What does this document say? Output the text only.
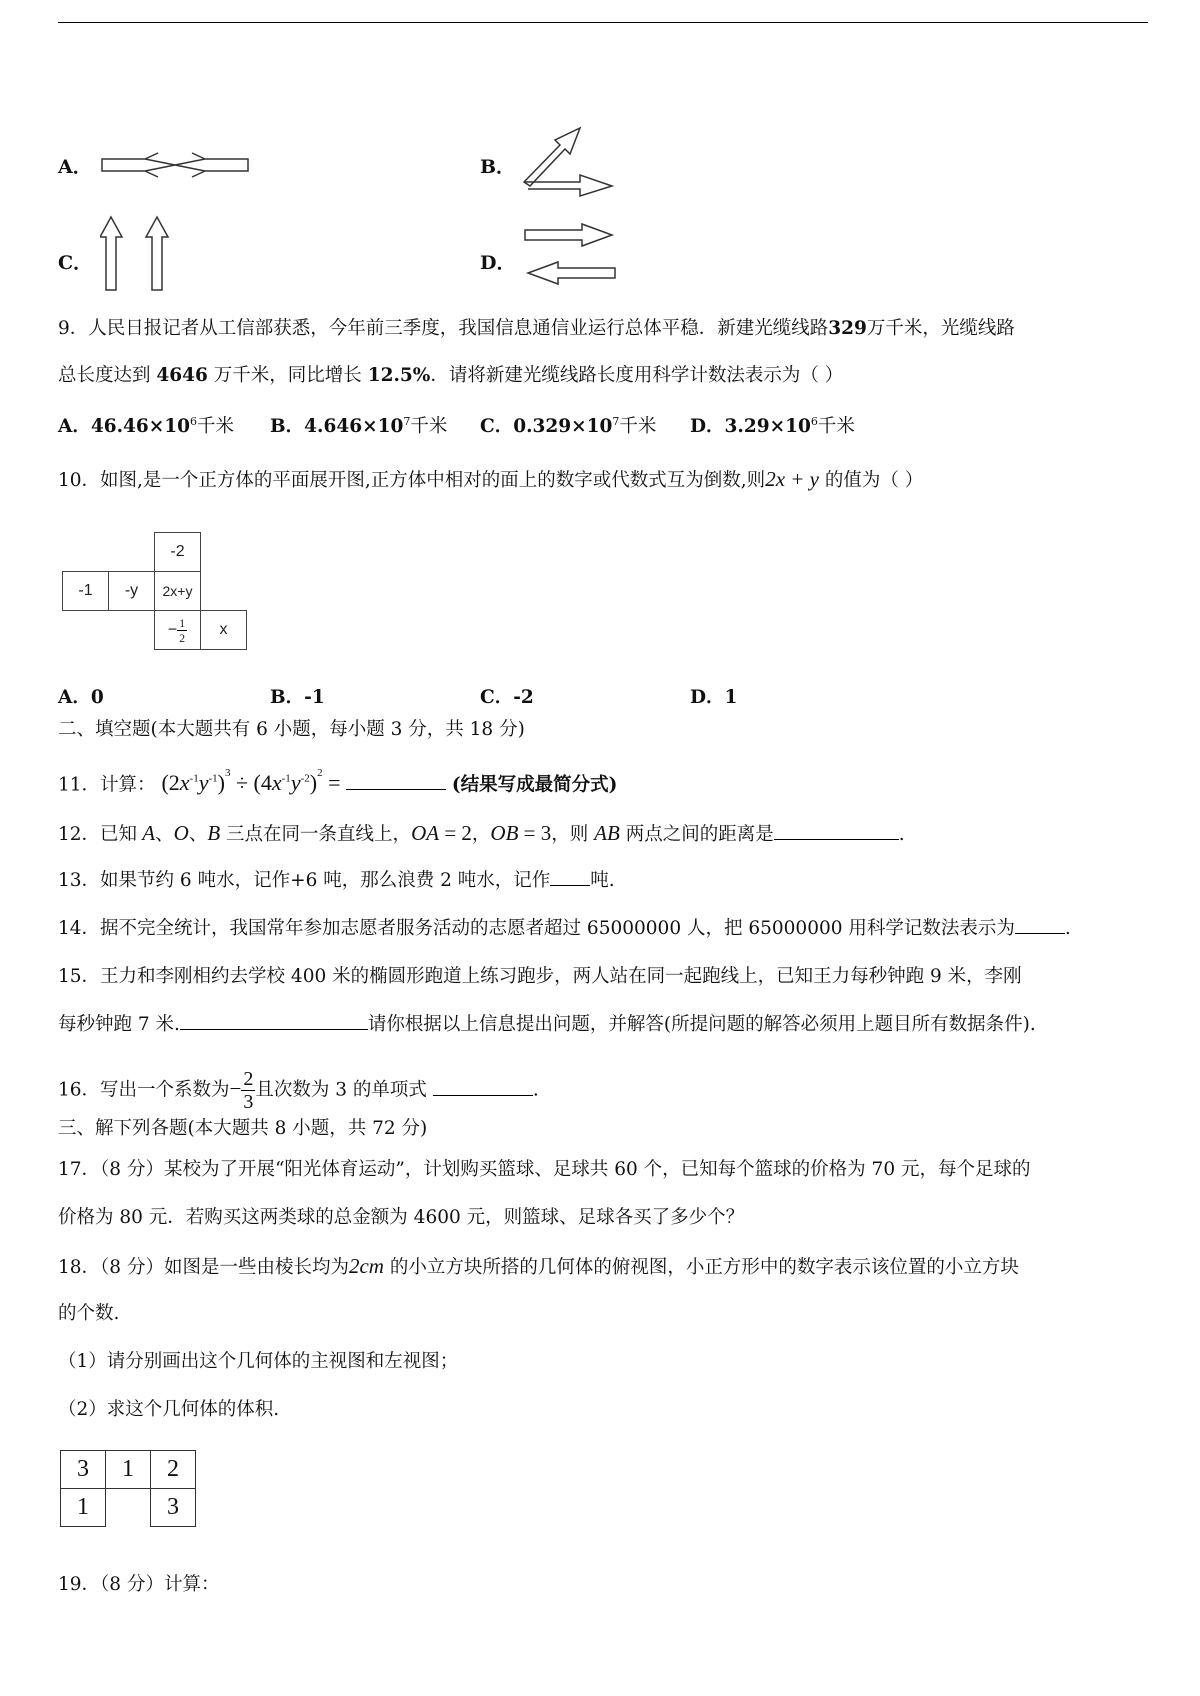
A．	B．
C．	D．
9．人民日报记者从工信部获悉，今年前三季度，我国信息通信业运行总体平稳．新建光缆线路329万千米，光缆线路
总长度达到 4646 万千米，同比增长 12.5%．请将新建光缆线路长度用科学计数法表示为（ ）
A．$46.46\times 10^6$千米 B．$4.646\times 10^7$千米 C．$0.329\times 10^7$千米 D．$3.29\times 10^6$千米
10．如图,是一个正方体的平面展开图,正方体中相对的面上的数字或代数式互为倒数,则2x + y 的值为（ ）
		-2	
-1	-y	2x+y	
		− $\frac{1}{2}$	x
A．0	B．-1	C．-2	D．1
二、填空题(本大题共有 6 小题，每小题 3 分，共 18 分)
11．计算： $(2x^{-1}y^{-1})^3 \div (4x^{-1}y^{-2})^2$ =	(结果写成最简分式)
12．已知 A、O、B 三点在同一条直线上，OA = 2，OB = 3，则 AB 两点之间的距离是	.
13．如果节约 6 吨水，记作+6 吨，那么浪费 2 吨水，记作 吨.
14．据不完全统计，我国常年参加志愿者服务活动的志愿者超过 65000000 人，把 65000000 用科学记数法表示为	.
15．王力和李刚相约去学校 400 米的椭圆形跑道上练习跑步，两人站在同一起跑线上，已知王力每秒钟跑 9 米，李刚
每秒钟跑 7 米.	请你根据以上信息提出问题，并解答(所提问题的解答必须用上题目所有数据条件).
16．写出一个系数为− $\frac{2}{3}$ 且次数为 3 的单项式	.
三、解下列各题(本大题共 8 小题，共 72 分)
17．（8 分）某校为了开展“阳光体育运动”，计划购买篮球、足球共 60 个，已知每个篮球的价格为 70 元，每个足球的
价格为 80 元．若购买这两类球的总金额为 4600 元，则篮球、足球各买了多少个？
18．（8 分）如图是一些由棱长均为2cm 的小立方块所搭的几何体的俯视图，小正方形中的数字表示该位置的小立方块
的个数.
（1）请分别画出这个几何体的主视图和左视图；
（2）求这个几何体的体积.
3	1	2
1		3
19．（8 分）计算：
